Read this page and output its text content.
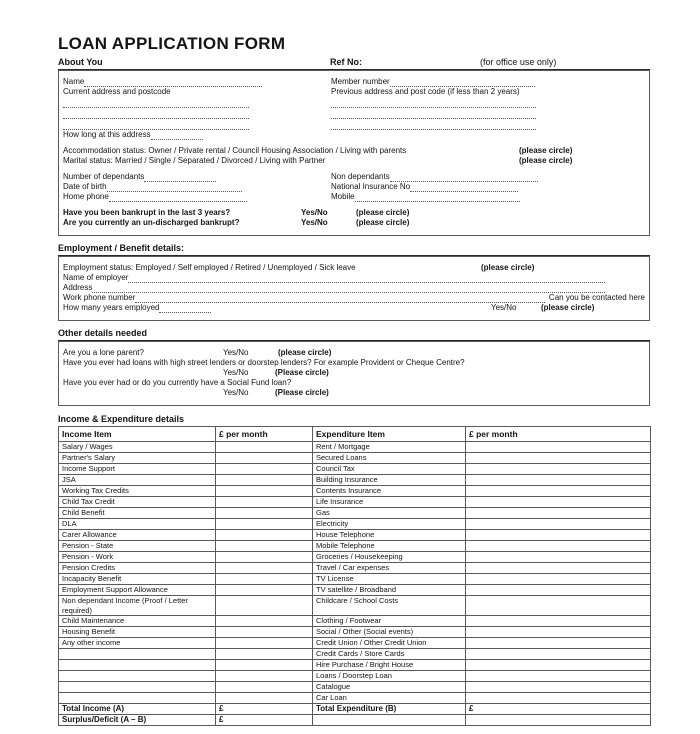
LOAN APPLICATION FORM
About You	Ref No:	(for office use only)
Name	Member number
Current address and postcode	Previous address and post code (if less than 2 years)
How long at this address
Accommodation status: Owner / Private rental / Council Housing Association / Living with parents	(please circle)
Marital status: Married / Single / Separated / Divorced / Living with Partner	(please circle)
Number of dependants	Non dependants
Date of birth	National Insurance No
Home phone	Mobile
Have you been bankrupt in the last 3 years?	Yes/No	(please circle)
Are you currently an un-discharged bankrupt?	Yes/No	(please circle)
Employment / Benefit details:
Employment status: Employed / Self employed / Retired / Unemployed / Sick leave	(please circle)
Name of employer
Address
Work phone number	Can you be contacted here
How many years employed	Yes/No	(please circle)
Other details needed
Are you a lone parent?	Yes/No	(please circle)
Have you ever had loans with high street lenders or doorstep lenders? For example Provident or Cheque Centre?
Yes/No	(Please circle)
Have you ever had or do you currently have a Social Fund loan?
Yes/No	(Please circle)
Income & Expenditure details
Income Item	£ per month	Expenditure Item	£ per month
Salary / Wages		Rent / Mortgage	
Partner's Salary		Secured Loans	
Income Support		Council Tax	
JSA		Building Insurance	
Working Tax Credits		Contents Insurance	
Child Tax Credit		Life Insurance	
Child Benefit		Gas	
DLA		Electricity	
Carer Allowance		House Telephone	
Pension - State		Mobile Telephone	
Pension - Work		Groceries / Housekeeping	
Pension Credits		Travel / Car expenses	
Incapacity Benefit		TV License	
Employment Support Allowance		TV satellite / Broadband	
Non dependant Income (Proof / Letter required)		Childcare / School Costs	
Child Maintenance		Clothing / Footwear	
Housing Benefit		Social / Other (Social events)	
Any other income		Credit Union / Other Credit Union	
		Credit Cards / Store Cards	
		Hire Purchase / Bright House	
		Loans / Doorstep Loan	
		Catalogue	
		Car Loan	
Total Income (A)	£	Total Expenditure (B)	£
Surplus/Deficit (A – B)	£		
